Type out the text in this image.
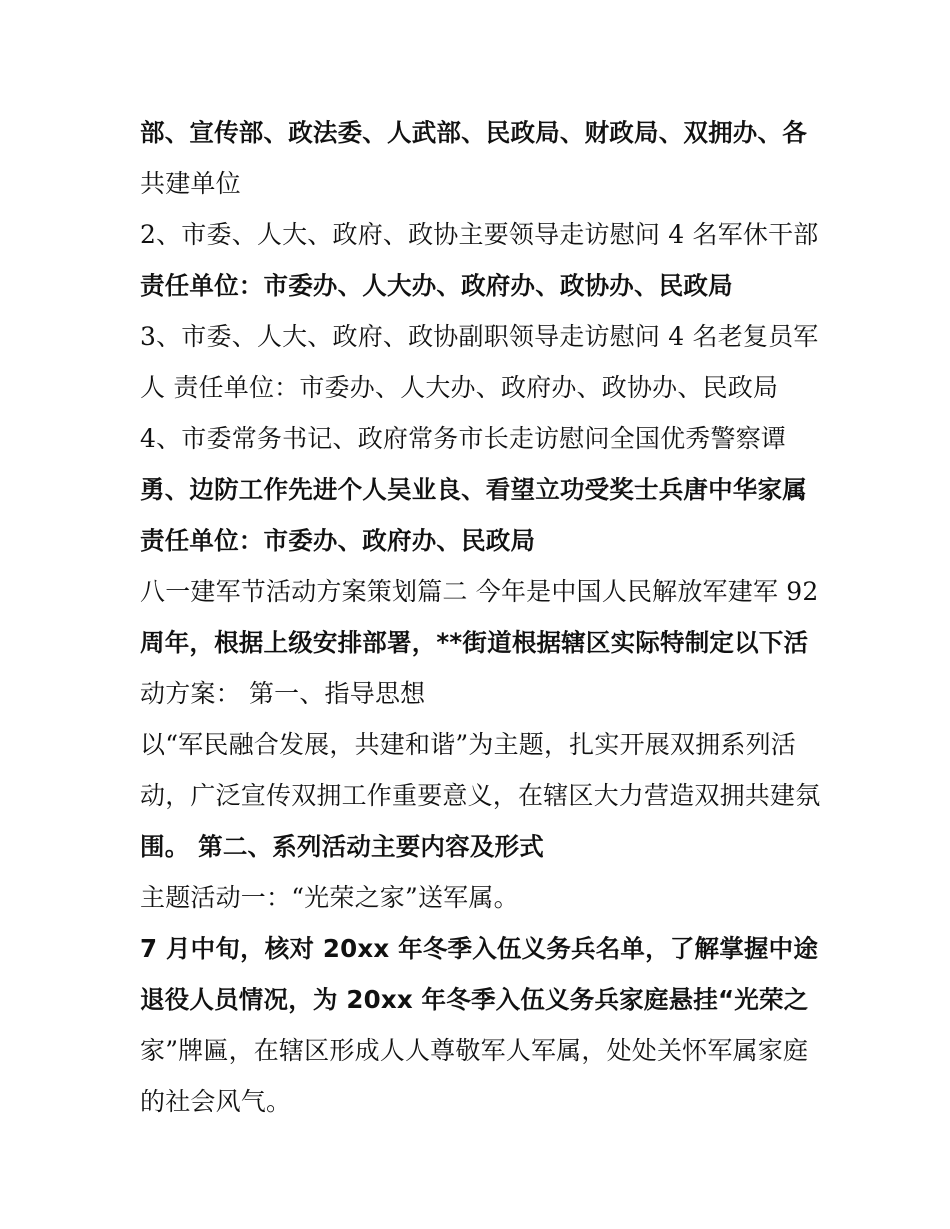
部、宣传部、政法委、人武部、民政局、财政局、双拥办、各
共建单位
2、市委、人大、政府、政协主要领导走访慰问 4 名军休干部
责任单位：市委办、人大办、政府办、政协办、民政局
3、市委、人大、政府、政协副职领导走访慰问 4 名老复员军
人 责任单位：市委办、人大办、政府办、政协办、民政局
4、市委常务书记、政府常务市长走访慰问全国优秀警察谭
勇、边防工作先进个人吴业良、看望立功受奖士兵唐中华家属
责任单位：市委办、政府办、民政局
八一建军节活动方案策划篇二 今年是中国人民解放军建军 92
周年，根据上级安排部署，**街道根据辖区实际特制定以下活
动方案： 第一、指导思想
以“军民融合发展，共建和谐”为主题，扎实开展双拥系列活
动，广泛宣传双拥工作重要意义，在辖区大力营造双拥共建氛
围。 第二、系列活动主要内容及形式
主题活动一：“光荣之家”送军属。
7 月中旬，核对 20xx 年冬季入伍义务兵名单，了解掌握中途
退役人员情况，为 20xx 年冬季入伍义务兵家庭悬挂“光荣之
家”牌匾，在辖区形成人人尊敬军人军属，处处关怀军属家庭
的社会风气。
